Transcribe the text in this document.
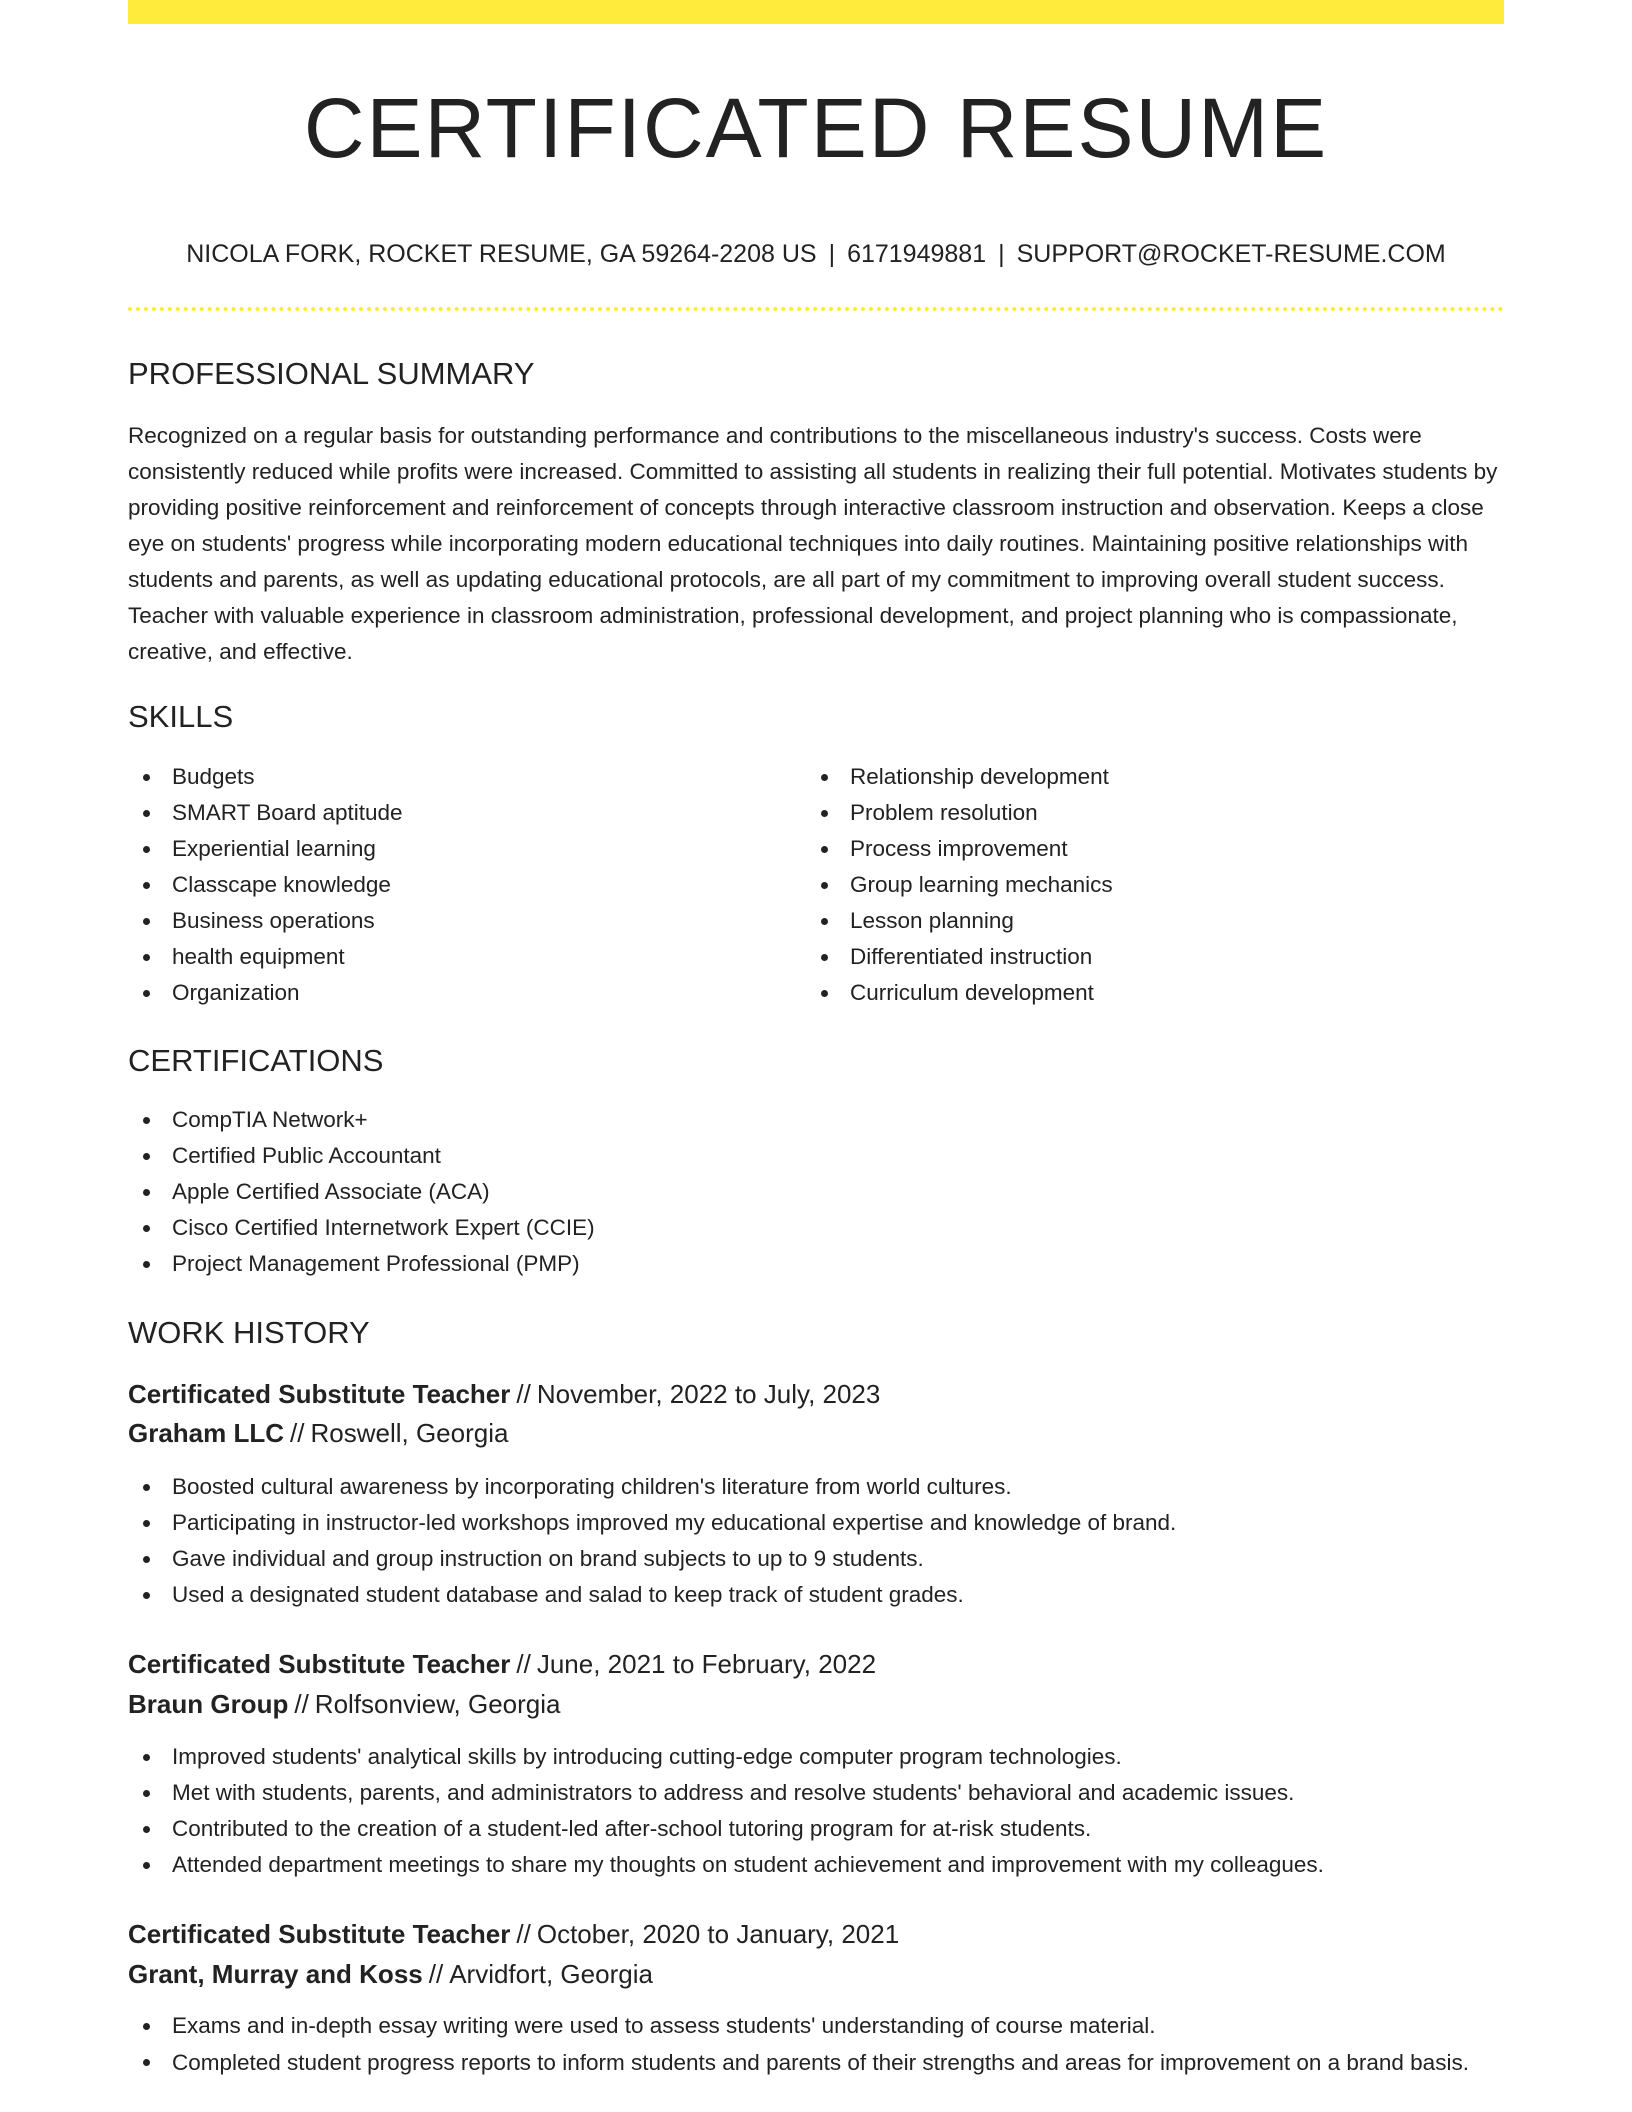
CERTIFICATED RESUME
NICOLA FORK, ROCKET RESUME, GA 59264-2208 US | 6171949881 | SUPPORT@ROCKET-RESUME.COM
PROFESSIONAL SUMMARY
Recognized on a regular basis for outstanding performance and contributions to the miscellaneous industry's success. Costs were consistently reduced while profits were increased. Committed to assisting all students in realizing their full potential. Motivates students by providing positive reinforcement and reinforcement of concepts through interactive classroom instruction and observation. Keeps a close eye on students' progress while incorporating modern educational techniques into daily routines. Maintaining positive relationships with students and parents, as well as updating educational protocols, are all part of my commitment to improving overall student success. Teacher with valuable experience in classroom administration, professional development, and project planning who is compassionate, creative, and effective.
SKILLS
Budgets
SMART Board aptitude
Experiential learning
Classcape knowledge
Business operations
health equipment
Organization
Relationship development
Problem resolution
Process improvement
Group learning mechanics
Lesson planning
Differentiated instruction
Curriculum development
CERTIFICATIONS
CompTIA Network+
Certified Public Accountant
Apple Certified Associate (ACA)
Cisco Certified Internetwork Expert (CCIE)
Project Management Professional (PMP)
WORK HISTORY
Certificated Substitute Teacher // November, 2022 to July, 2023
Graham LLC // Roswell, Georgia
Boosted cultural awareness by incorporating children's literature from world cultures.
Participating in instructor-led workshops improved my educational expertise and knowledge of brand.
Gave individual and group instruction on brand subjects to up to 9 students.
Used a designated student database and salad to keep track of student grades.
Certificated Substitute Teacher // June, 2021 to February, 2022
Braun Group // Rolfsonview, Georgia
Improved students' analytical skills by introducing cutting-edge computer program technologies.
Met with students, parents, and administrators to address and resolve students' behavioral and academic issues.
Contributed to the creation of a student-led after-school tutoring program for at-risk students.
Attended department meetings to share my thoughts on student achievement and improvement with my colleagues.
Certificated Substitute Teacher // October, 2020 to January, 2021
Grant, Murray and Koss // Arvidfort, Georgia
Exams and in-depth essay writing were used to assess students' understanding of course material.
Completed student progress reports to inform students and parents of their strengths and areas for improvement on a brand basis.
